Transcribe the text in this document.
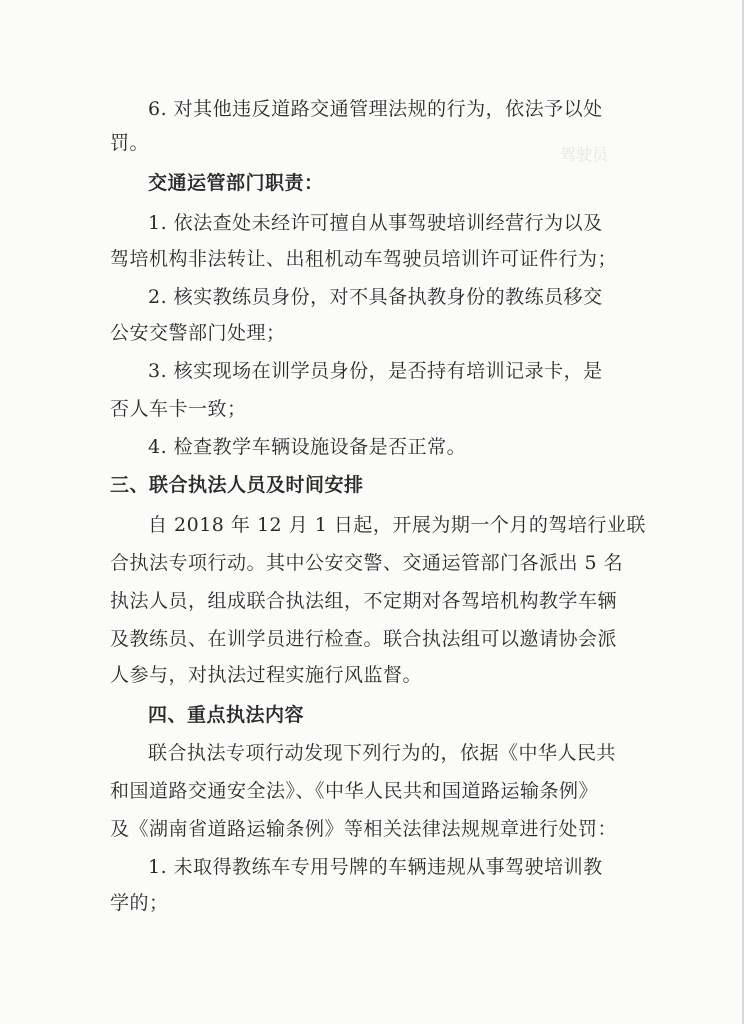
驾驶员
6. 对其他违反道路交通管理法规的行为，依法予以处
罚。
交通运管部门职责：
1. 依法查处未经许可擅自从事驾驶培训经营行为以及
驾培机构非法转让、出租机动车驾驶员培训许可证件行为；
2. 核实教练员身份，对不具备执教身份的教练员移交
公安交警部门处理；
3. 核实现场在训学员身份，是否持有培训记录卡，是
否人车卡一致；
4. 检查教学车辆设施设备是否正常。
三、联合执法人员及时间安排
自 2018 年 12 月 1 日起，开展为期一个月的驾培行业联
合执法专项行动。其中公安交警、交通运管部门各派出 5 名
执法人员，组成联合执法组，不定期对各驾培机构教学车辆
及教练员、在训学员进行检查。联合执法组可以邀请协会派
人参与，对执法过程实施行风监督。
四、重点执法内容
联合执法专项行动发现下列行为的，依据《中华人民共
和国道路交通安全法》、《中华人民共和国道路运输条例》
及《湖南省道路运输条例》等相关法律法规规章进行处罚：
1. 未取得教练车专用号牌的车辆违规从事驾驶培训教
学的；
